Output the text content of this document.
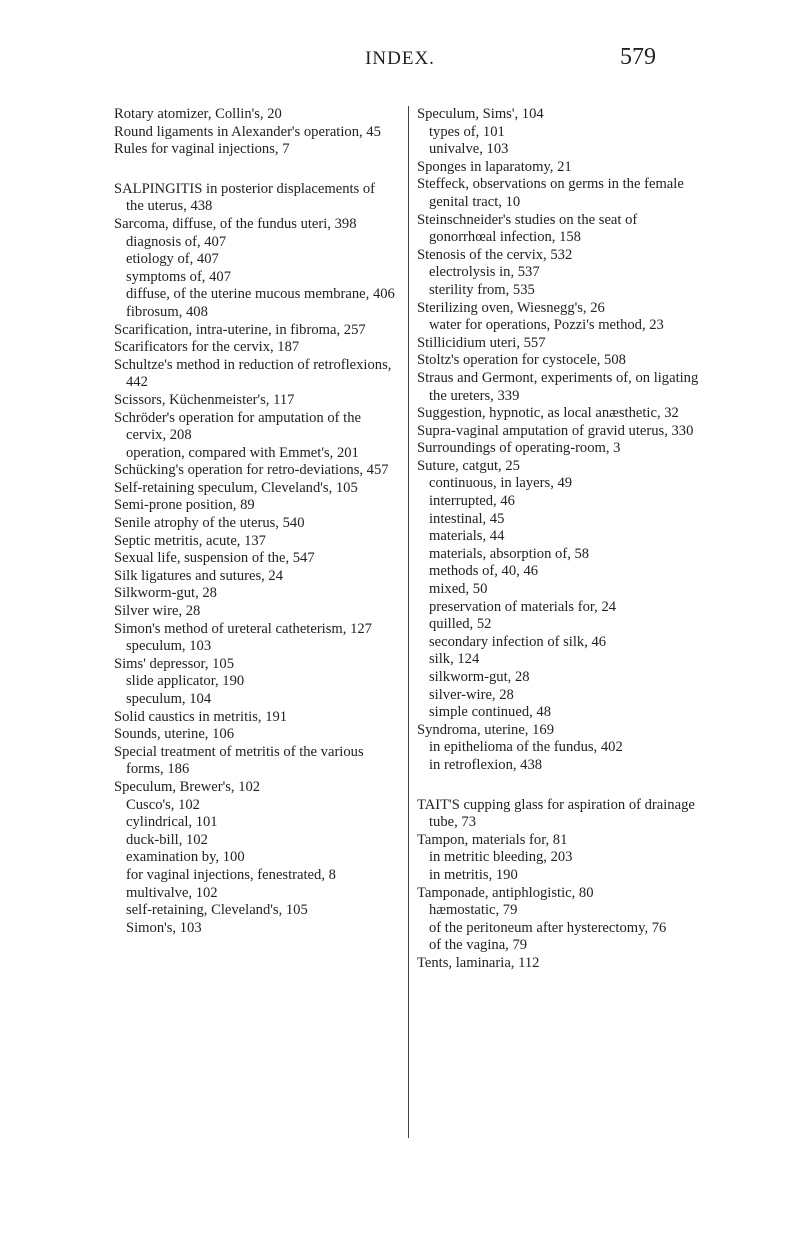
INDEX.	579

Rotary atomizer, Collin's, 20

Round ligaments in Alexander's operation, 45

Rules for vaginal injections, 7

SALPINGITIS in posterior displacements of the uterus, 438

Sarcoma, diffuse, of the fundus uteri, 398

diagnosis of, 407

etiology of, 407

symptoms of, 407

diffuse, of the uterine mucous membrane, 406

fibrosum, 408

Scarification, intra-uterine, in fibroma, 257

Scarificators for the cervix, 187

Schultze's method in reduction of retroflexions, 442

Scissors, Küchenmeister's, 117

Schröder's operation for amputation of the cervix, 208

operation, compared with Emmet's, 201

Schücking's operation for retro-deviations, 457

Self-retaining speculum, Cleveland's, 105

Semi-prone position, 89

Senile atrophy of the uterus, 540

Septic metritis, acute, 137

Sexual life, suspension of the, 547

Silk ligatures and sutures, 24

Silkworm-gut, 28

Silver wire, 28

Simon's method of ureteral catheterism, 127

speculum, 103

Sims' depressor, 105

slide applicator, 190

speculum, 104

Solid caustics in metritis, 191

Sounds, uterine, 106

Special treatment of metritis of the various forms, 186

Speculum, Brewer's, 102

Cusco's, 102

cylindrical, 101

duck-bill, 102

examination by, 100

for vaginal injections, fenestrated, 8

multivalve, 102

self-retaining, Cleveland's, 105

Simon's, 103

Speculum, Sims', 104

types of, 101

univalve, 103

Sponges in laparatomy, 21

Steffeck, observations on germs in the female genital tract, 10

Steinschneider's studies on the seat of gonorrhœal infection, 158

Stenosis of the cervix, 532

electrolysis in, 537

sterility from, 535

Sterilizing oven, Wiesnegg's, 26

water for operations, Pozzi's method, 23

Stillicidium uteri, 557

Stoltz's operation for cystocele, 508

Straus and Germont, experiments of, on ligating the ureters, 339

Suggestion, hypnotic, as local anæsthetic, 32

Supra-vaginal amputation of gravid uterus, 330

Surroundings of operating-room, 3

Suture, catgut, 25

continuous, in layers, 49

interrupted, 46

intestinal, 45

materials, 44

materials, absorption of, 58

methods of, 40, 46

mixed, 50

preservation of materials for, 24

quilled, 52

secondary infection of silk, 46

silk, 124

silkworm-gut, 28

silver-wire, 28

simple continued, 48

Syndroma, uterine, 169

in epithelioma of the fundus, 402

in retroflexion, 438

TAIT'S cupping glass for aspiration of drainage tube, 73

Tampon, materials for, 81

in metritic bleeding, 203

in metritis, 190

Tamponade, antiphlogistic, 80

hæmostatic, 79

of the peritoneum after hysterectomy, 76

of the vagina, 79

Tents, laminaria, 112
